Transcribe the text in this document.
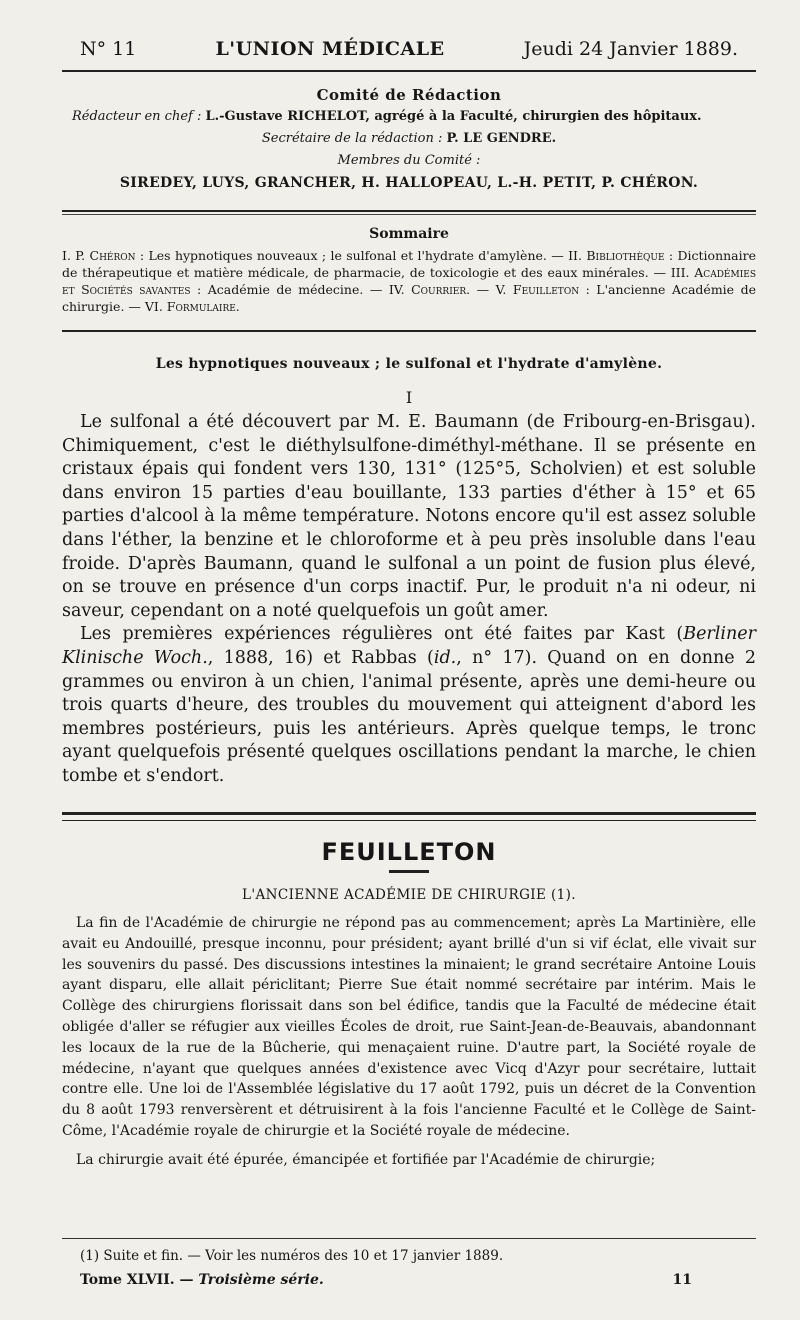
N° 11	L'UNION MÉDICALE	Jeudi 24 Janvier 1889.
Comité de Rédaction
Rédacteur en chef : L.-Gustave RICHELOT, agrégé à la Faculté, chirurgien des hôpitaux.
Secrétaire de la rédaction : P. LE GENDRE.
Membres du Comité :
SIREDEY, LUYS, GRANCHER, H. HALLOPEAU, L.-H. PETIT, P. CHÉRON.
Sommaire
I. P. Chéron : Les hypnotiques nouveaux ; le sulfonal et l'hydrate d'amylène. — II. Bibliothèque : Dictionnaire de thérapeutique et matière médicale, de pharmacie, de toxicologie et des eaux minérales. — III. Académies et Sociétés savantes : Académie de médecine. — IV. Courrier. — V. Feuilleton : L'ancienne Académie de chirurgie. — VI. Formulaire.
Les hypnotiques nouveaux ; le sulfonal et l'hydrate d'amylène.
I

Le sulfonal a été découvert par M. E. Baumann (de Fribourg-en-Brisgau). Chimiquement, c'est le diéthylsulfone-diméthyl-méthane. Il se présente en cristaux épais qui fondent vers 130, 131° (125°5, Scholvien) et est soluble dans environ 15 parties d'eau bouillante, 133 parties d'éther à 15° et 65 parties d'alcool à la même température. Notons encore qu'il est assez soluble dans l'éther, la benzine et le chloroforme et à peu près insoluble dans l'eau froide. D'après Baumann, quand le sulfonal a un point de fusion plus élevé, on se trouve en présence d'un corps inactif. Pur, le produit n'a ni odeur, ni saveur, cependant on a noté quelquefois un goût amer.

Les premières expériences régulières ont été faites par Kast (Berliner Klinische Woch., 1888, 16) et Rabbas (id., n° 17). Quand on en donne 2 grammes ou environ à un chien, l'animal présente, après une demi-heure ou trois quarts d'heure, des troubles du mouvement qui atteignent d'abord les membres postérieurs, puis les antérieurs. Après quelque temps, le tronc ayant quelquefois présenté quelques oscillations pendant la marche, le chien tombe et s'endort.

FEUILLETON
L'ANCIENNE ACADÉMIE DE CHIRURGIE (1).

La fin de l'Académie de chirurgie ne répond pas au commencement; après La Martinière, elle avait eu Andouillé, presque inconnu, pour président; ayant brillé d'un si vif éclat, elle vivait sur les souvenirs du passé. Des discussions intestines la minaient; le grand secrétaire Antoine Louis ayant disparu, elle allait périclitant; Pierre Sue était nommé secrétaire par intérim. Mais le Collège des chirurgiens florissait dans son bel édifice, tandis que la Faculté de médecine était obligée d'aller se réfugier aux vieilles Écoles de droit, rue Saint-Jean-de-Beauvais, abandonnant les locaux de la rue de la Bûcherie, qui menaçaient ruine. D'autre part, la Société royale de médecine, n'ayant que quelques années d'existence avec Vicq d'Azyr pour secrétaire, luttait contre elle. Une loi de l'Assemblée législative du 17 août 1792, puis un décret de la Convention du 8 août 1793 renversèrent et détruisirent à la fois l'ancienne Faculté et le Collège de Saint-Côme, l'Académie royale de chirurgie et la Société royale de médecine.

La chirurgie avait été épurée, émancipée et fortifiée par l'Académie de chirurgie;

(1) Suite et fin. — Voir les numéros des 10 et 17 janvier 1889.
Tome XLVII. — Troisième série.	11
